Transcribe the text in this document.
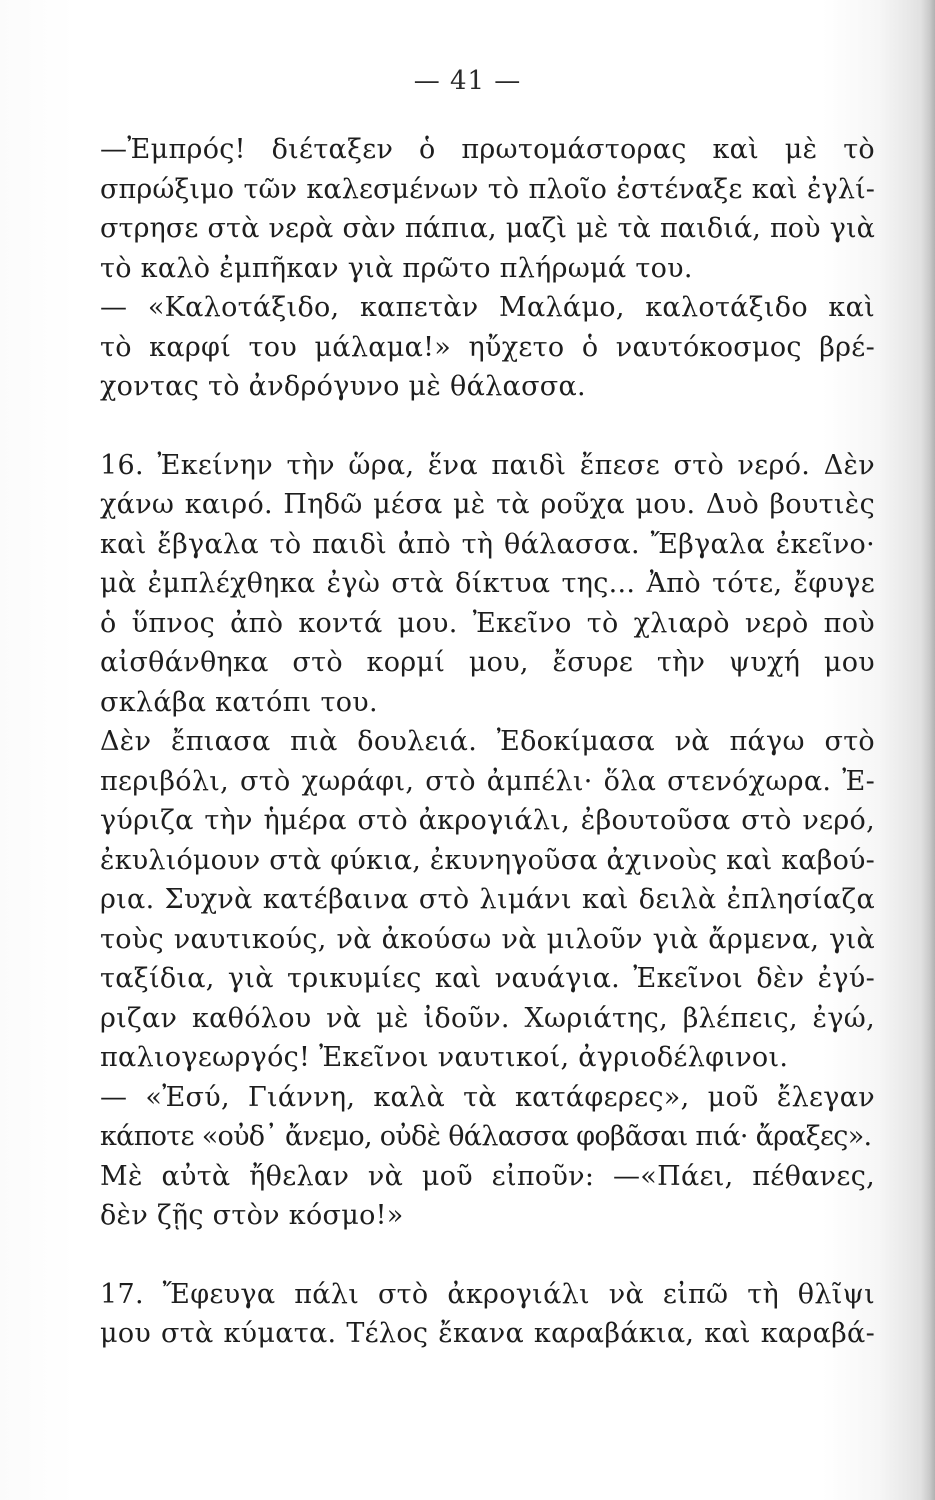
— 41 —
—Ἐμπρός! διέταξεν ὁ πρωτομάστορας καὶ μὲ τὸ
σπρώξιμο τῶν καλεσμένων τὸ πλοῖο ἐστέναξε καὶ ἐγλί-
στρησε στὰ νερὰ σὰν πάπια, μαζὶ μὲ τὰ παιδιά, ποὺ γιὰ
τὸ καλὸ ἐμπῆκαν γιὰ πρῶτο πλήρωμά του.
— «Καλοτάξιδο, καπετὰν Μαλάμο, καλοτάξιδο καὶ
τὸ καρφί του μάλαμα!» ηὔχετο ὁ ναυτόκοσμος βρέ-
χοντας τὸ ἀνδρόγυνο μὲ θάλασσα.
16. Ἐκείνην τὴν ὥρα, ἕνα παιδὶ ἔπεσε στὸ νερό. Δὲν
χάνω καιρό. Πηδῶ μέσα μὲ τὰ ροῦχα μου. Δυὸ βουτιὲς
καὶ ἔβγαλα τὸ παιδὶ ἀπὸ τὴ θάλασσα. Ἔβγαλα ἐκεῖνο·
μὰ ἐμπλέχθηκα ἐγὼ στὰ δίκτυα της... Ἀπὸ τότε, ἔφυγε
ὁ ὕπνος ἀπὸ κοντά μου. Ἐκεῖνο τὸ χλιαρὸ νερὸ ποὺ
αἰσθάνθηκα στὸ κορμί μου, ἔσυρε τὴν ψυχή μου
σκλάβα κατόπι του.
Δὲν ἔπιασα πιὰ δουλειά. Ἐδοκίμασα νὰ πάγω στὸ
περιβόλι, στὸ χωράφι, στὸ ἀμπέλι· ὅλα στενόχωρα. Ἐ-
γύριζα τὴν ἡμέρα στὸ ἀκρογιάλι, ἐβουτοῦσα στὸ νερό,
ἐκυλιόμουν στὰ φύκια, ἐκυνηγοῦσα ἀχινοὺς καὶ καβού-
ρια. Συχνὰ κατέβαινα στὸ λιμάνι καὶ δειλὰ ἐπλησίαζα
τοὺς ναυτικούς, νὰ ἀκούσω νὰ μιλοῦν γιὰ ἄρμενα, γιὰ
ταξίδια, γιὰ τρικυμίες καὶ ναυάγια. Ἐκεῖνοι δὲν ἐγύ-
ριζαν καθόλου νὰ μὲ ἰδοῦν. Χωριάτης, βλέπεις, ἐγώ,
παλιογεωργός! Ἐκεῖνοι ναυτικοί, ἀγριοδέλφινοι.
— «Ἐσύ, Γιάννη, καλὰ τὰ κατάφερες», μοῦ ἔλεγαν
κάποτε «οὐδ᾽ ἄνεμο, οὐδὲ θάλασσα φοβᾶσαι πιά· ἄραξες».
Μὲ αὐτὰ ἤθελαν νὰ μοῦ εἰποῦν: —«Πάει, πέθανες,
δὲν ζῇς στὸν κόσμο!»
17. Ἔφευγα πάλι στὸ ἀκρογιάλι νὰ εἰπῶ τὴ θλῖψι
μου στὰ κύματα. Τέλος ἔκανα καραβάκια, καὶ καραβά-
